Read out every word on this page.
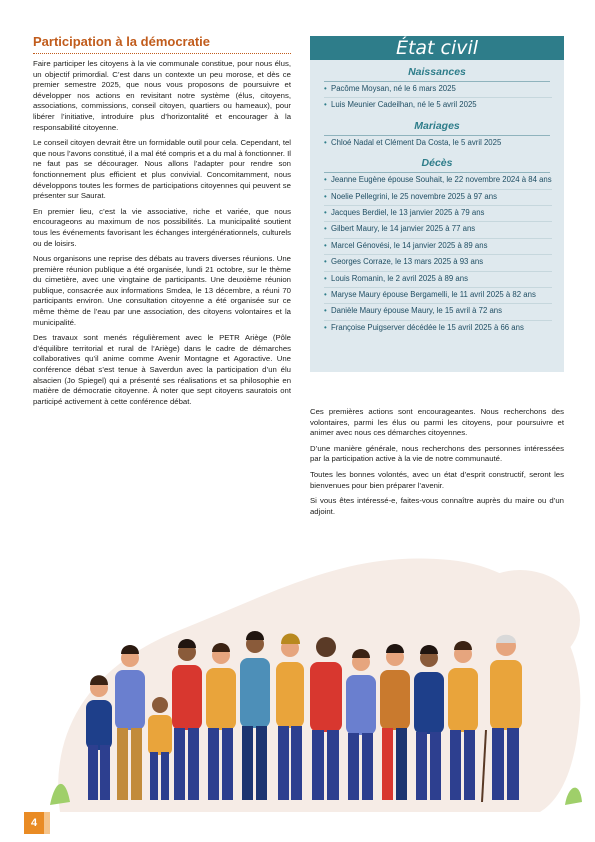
Participation à la démocratie

Faire participer les citoyens à la vie communale constitue, pour nous élus, un objectif primordial. C’est dans un contexte un peu morose, et dès ce premier semestre 2025, que nous vous proposons de poursuivre et développer nos actions en revisitant notre système (élus, citoyens, associations, commissions, conseil citoyen, quartiers ou hameaux), pour libérer l’initiative, introduire plus d’horizontalité et encourager à la responsabilité citoyenne.

Le conseil citoyen devrait être un formidable outil pour cela. Cependant, tel que nous l’avons constitué, il a mal été compris et a du mal à fonctionner. Il ne faut pas se décourager. Nous allons l’adapter pour rendre son fonctionnement plus efficient et plus convivial. Concomitamment, nous développons toutes les formes de participations citoyennes qui peuvent se présenter sur Saurat.

En premier lieu, c’est la vie associative, riche et variée, que nous encourageons au maximum de nos possibilités. La municipalité soutient tous les événements favorisant les échanges intergénérationnels, culturels ou de loisirs.

Nous organisons une reprise des débats au travers diverses réunions. Une première réunion publique a été organisée, lundi 21 octobre, sur le thème du cimetière, avec une vingtaine de participants. Une deuxième réunion publique, consacrée aux informations Smdea, le 13 décembre, a réuni 70 participants environ. Une consultation citoyenne a été organisée sur ce même thème de l’eau par une association, des citoyens volontaires et la municipalité.

Des travaux sont menés régulièrement avec le PETR Ariège (Pôle d’équilibre territorial et rural de l’Ariège) dans le cadre de démarches collaboratives qu’il anime comme Avenir Montagne et Agoractive. Une conférence débat s’est tenue à Saverdun avec la participation d’un élu alsacien (Jo Spiegel) qui a présenté ses réalisations et sa philosophie en matière de démocratie citoyenne. À noter que sept citoyens sauratois ont participé activement à cette conférence débat.

État civil
Naissances
• Pacôme Moysan, né le 6 mars 2025
• Luis Meunier Cadeilhan, né le 5 avril 2025
Mariages
• Chloé Nadal et Clément Da Costa, le 5 avril 2025
Décès
• Jeanne Eugène épouse Souhait, le 22 novembre 2024 à 84 ans
• Noelie Pellegrini, le 25 novembre 2025 à 97 ans
• Jacques Berdiel, le 13 janvier 2025 à 79 ans
• Gilbert Maury, le 14 janvier 2025 à 77 ans
• Marcel Génovési, le 14 janvier 2025 à 89 ans
• Georges Corraze, le 13 mars 2025 à 93 ans
• Louis Romanin, le 2 avril 2025 à 89 ans
• Maryse Maury épouse Bergamelli, le 11 avril 2025 à 82 ans
• Danièle Maury épouse Maury, le 15 avril à 72 ans
• Françoise Puigserver décédée le 15 avril 2025 à 66 ans

Ces premières actions sont encourageantes. Nous recherchons des volontaires, parmi les élus ou parmi les citoyens, pour poursuivre et animer avec nous ces démarches citoyennes.

D’une manière générale, nous recherchons des personnes intéressées par la participation active à la vie de notre communauté.

Toutes les bonnes volontés, avec un état d’esprit constructif, seront les bienvenues pour bien préparer l’avenir.

Si vous êtes intéressé-e, faites-vous connaître auprès du maire ou d’un adjoint.

4
